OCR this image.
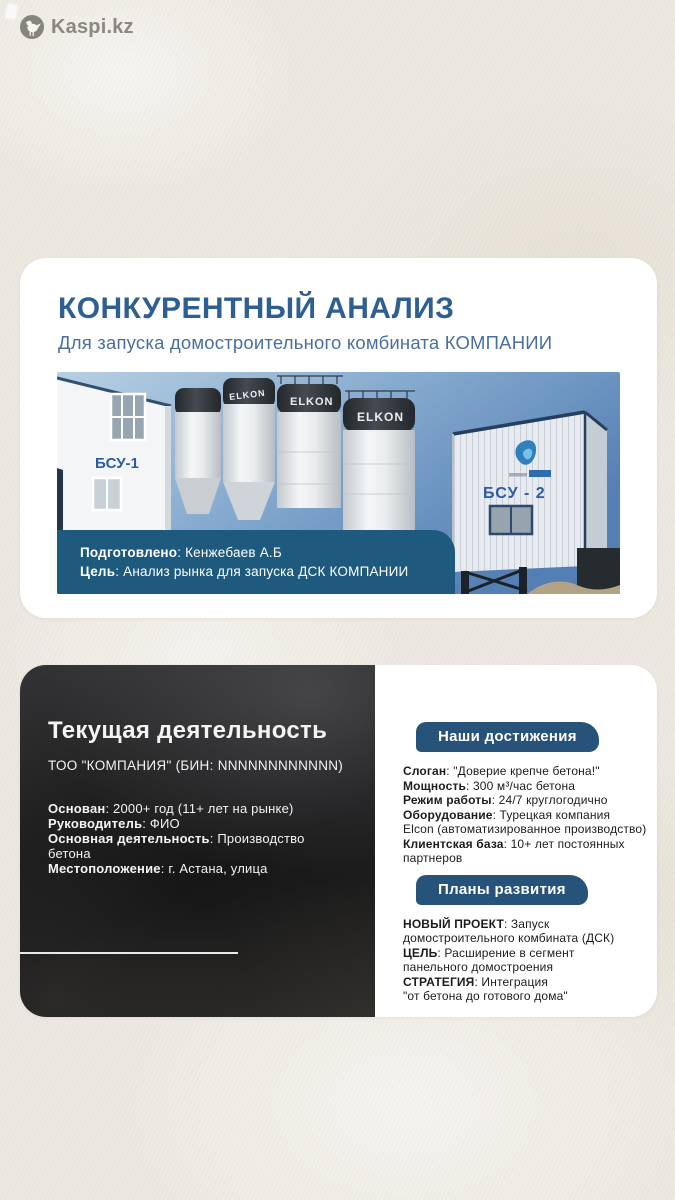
Kaspi.kz
КОНКУРЕНТНЫЙ АНАЛИЗ
Для запуска домостроительного комбината КОМПАНИИ
ELKON ELKON
ELKON
БСУ-1
БСУ - 2
Подготовлено: Кенжебаев А.Б
Цель: Анализ рынка для запуска ДСК КОМПАНИИ
Текущая деятельность
ТОО "КОМПАНИЯ" (БИН: NNNNNNNNNNNN)
Основан: 2000+ год (11+ лет на рынке)
Руководитель: ФИО
Основная деятельность: Производство
бетона
Местоположение: г. Астана, улица
Наши достижения
Слоган: "Доверие крепче бетона!"
Мощность: 300 м³/час бетона
Режим работы: 24/7 круглогодично
Оборудование: Турецкая компания
Elcon (автоматизированное производство)
Клиентская база: 10+ лет постоянных
партнеров
Планы развития
НОВЫЙ ПРОЕКТ: Запуск
домостроительного комбината (ДСК)
ЦЕЛЬ: Расширение в сегмент
панельного домостроения
СТРАТЕГИЯ: Интеграция
"от бетона до готового дома"
